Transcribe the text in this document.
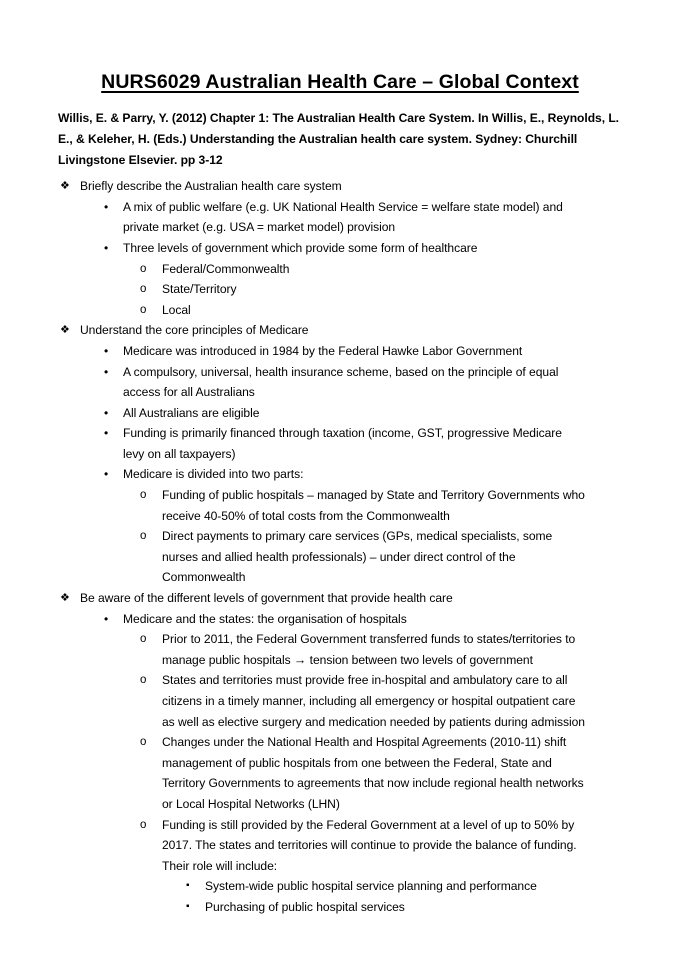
NURS6029 Australian Health Care – Global Context

Willis, E. & Parry, Y. (2012) Chapter 1: The Australian Health Care System. In Willis, E., Reynolds, L. E., & Keleher, H. (Eds.) Understanding the Australian health care system. Sydney: Churchill Livingstone Elsevier. pp 3-12

❖ Briefly describe the Australian health care system
• A mix of public welfare (e.g. UK National Health Service = welfare state model) and private market (e.g. USA = market model) provision
• Three levels of government which provide some form of healthcare
o Federal/Commonwealth
o State/Territory
o Local
❖ Understand the core principles of Medicare
• Medicare was introduced in 1984 by the Federal Hawke Labor Government
• A compulsory, universal, health insurance scheme, based on the principle of equal access for all Australians
• All Australians are eligible
• Funding is primarily financed through taxation (income, GST, progressive Medicare levy on all taxpayers)
• Medicare is divided into two parts:
o Funding of public hospitals – managed by State and Territory Governments who receive 40-50% of total costs from the Commonwealth
o Direct payments to primary care services (GPs, medical specialists, some nurses and allied health professionals) – under direct control of the Commonwealth
❖ Be aware of the different levels of government that provide health care
• Medicare and the states: the organisation of hospitals
o Prior to 2011, the Federal Government transferred funds to states/territories to manage public hospitals → tension between two levels of government
o States and territories must provide free in-hospital and ambulatory care to all citizens in a timely manner, including all emergency or hospital outpatient care as well as elective surgery and medication needed by patients during admission
o Changes under the National Health and Hospital Agreements (2010-11) shift management of public hospitals from one between the Federal, State and Territory Governments to agreements that now include regional health networks or Local Hospital Networks (LHN)
o Funding is still provided by the Federal Government at a level of up to 50% by 2017. The states and territories will continue to provide the balance of funding. Their role will include:
▪ System-wide public hospital service planning and performance
▪ Purchasing of public hospital services
